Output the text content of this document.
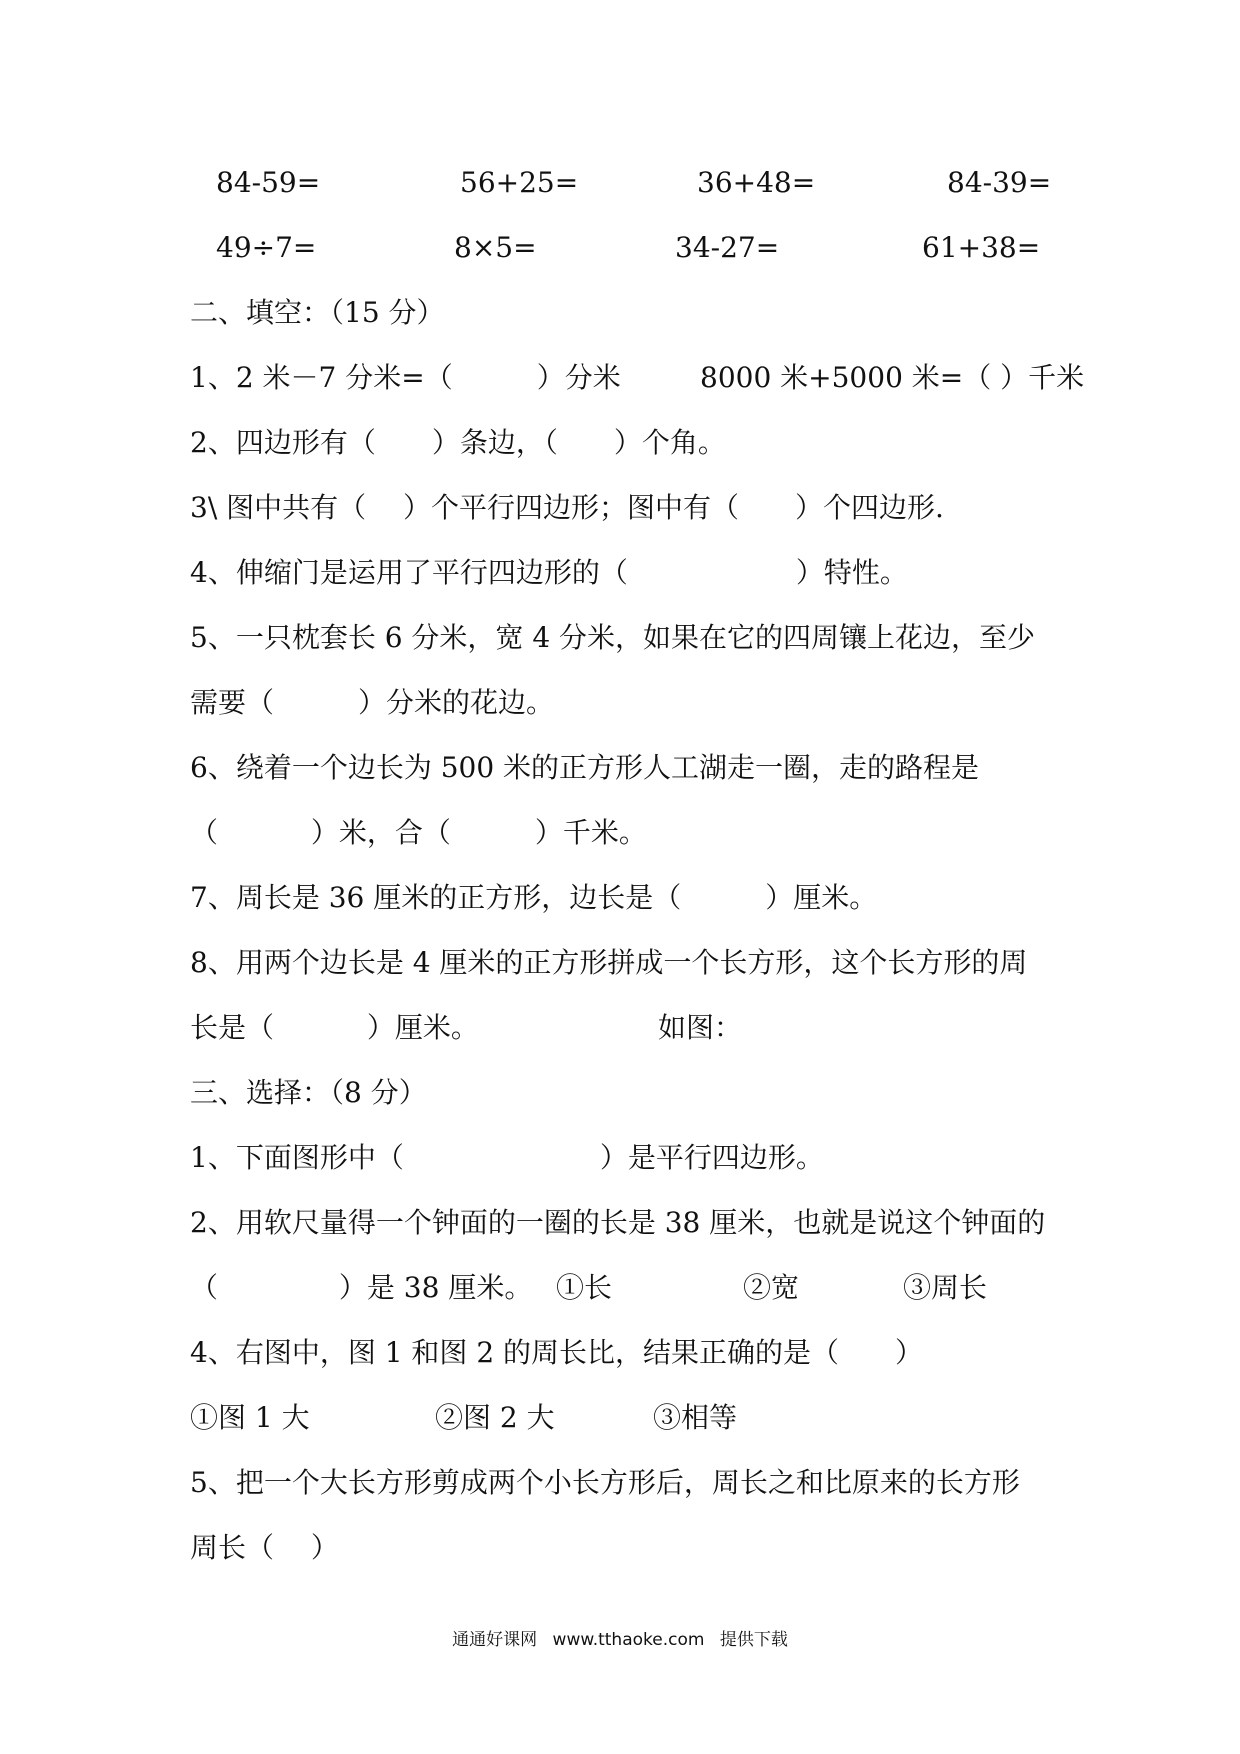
84-59=	56+25=	36+48=	84-39=
49÷7=	8×5=	34-27=	61+38=
二、填空：（15 分）
1、2 米－7 分米=（　　　）分米	8000 米+5000 米=（ ）千米
2、四边形有（　　）条边，（　　）个角。
3\ 图中共有（　 ）个平行四边形；图中有（　　）个四边形.
4、伸缩门是运用了平行四边形的（　　　　　　）特性。
5、一只枕套长 6 分米，宽 4 分米，如果在它的四周镶上花边，至少
需要（　　　）分米的花边。
6、绕着一个边长为 500 米的正方形人工湖走一圈，走的路程是
（　　　 ）米，合（　　　）千米。
7、周长是 36 厘米的正方形，边长是（　　　）厘米。
8、用两个边长是 4 厘米的正方形拼成一个长方形，这个长方形的周
长是（　　　 ）厘米。	如图：
三、选择：（8 分）
1、下面图形中（　　　　　　　）是平行四边形。
2、用软尺量得一个钟面的一圈的长是 38 厘米，也就是说这个钟面的
（　　　　 ）是 38 厘米。 ①长	②宽	③周长
4、右图中，图 1 和图 2 的周长比，结果正确的是（　　）
①图 1 大	②图 2 大	③相等
5、把一个大长方形剪成两个小长方形后，周长之和比原来的长方形
周长（　 ）
通通好课网 www.tthaoke.com 提供下载
